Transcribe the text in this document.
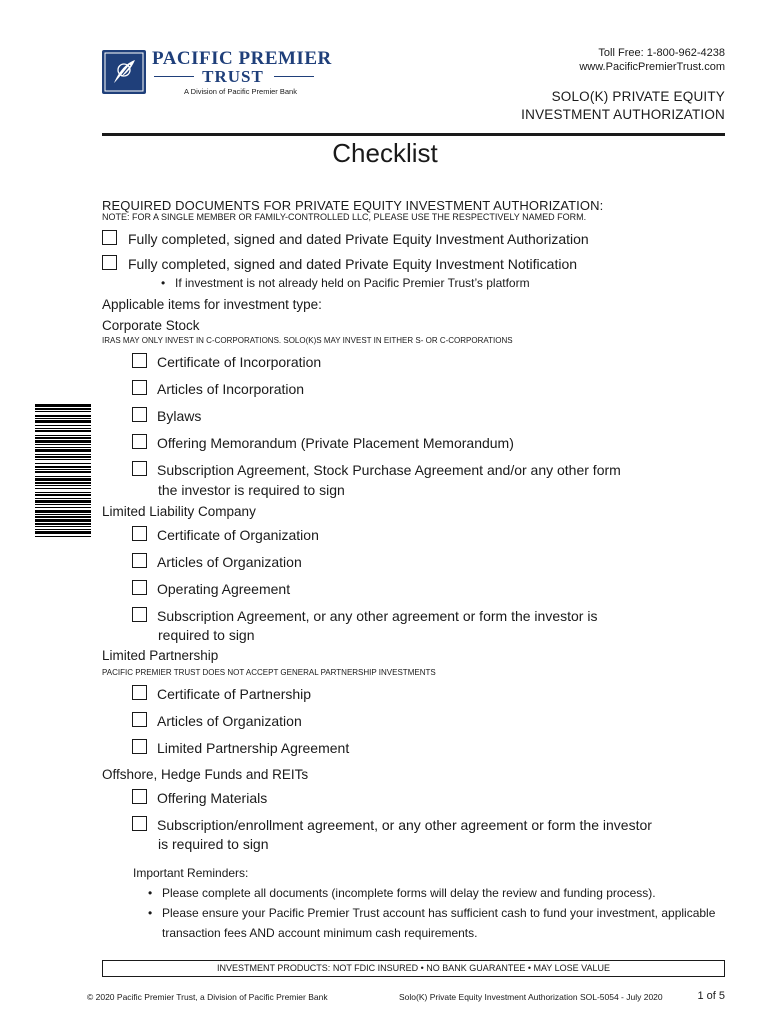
PACIFIC PREMIER
TRUST
A Division of Pacific Premier Bank
Toll Free: 1-800-962-4238
www.PacificPremierTrust.com
SOLO(K) PRIVATE EQUITY
INVESTMENT AUTHORIZATION
Checklist
REQUIRED DOCUMENTS FOR PRIVATE EQUITY INVESTMENT AUTHORIZATION:
NOTE: FOR A SINGLE MEMBER OR FAMILY-CONTROLLED LLC, PLEASE USE THE RESPECTIVELY NAMED FORM.
Fully completed, signed and dated Private Equity Investment Authorization
Fully completed, signed and dated Private Equity Investment Notification
• If investment is not already held on Pacific Premier Trust’s platform
Applicable items for investment type:
Corporate Stock
IRAS MAY ONLY INVEST IN C-CORPORATIONS. SOLO(K)S MAY INVEST IN EITHER S- OR C-CORPORATIONS
Certificate of Incorporation
Articles of Incorporation
Bylaws
Offering Memorandum (Private Placement Memorandum)
Subscription Agreement, Stock Purchase Agreement and/or any other form
the investor is required to sign
Limited Liability Company
Certificate of Organization
Articles of Organization
Operating Agreement
Subscription Agreement, or any other agreement or form the investor is
required to sign
Limited Partnership
PACIFIC PREMIER TRUST DOES NOT ACCEPT GENERAL PARTNERSHIP INVESTMENTS
Certificate of Partnership
Articles of Organization
Limited Partnership Agreement
Offshore, Hedge Funds and REITs
Offering Materials
Subscription/enrollment agreement, or any other agreement or form the investor
is required to sign
Important Reminders:
• Please complete all documents (incomplete forms will delay the review and funding process).
• Please ensure your Pacific Premier Trust account has sufficient cash to fund your investment, applicable
transaction fees AND account minimum cash requirements.
INVESTMENT PRODUCTS: NOT FDIC INSURED • NO BANK GUARANTEE • MAY LOSE VALUE
© 2020 Pacific Premier Trust, a Division of Pacific Premier Bank	Solo(K) Private Equity Investment Authorization SOL-5054 - July 2020	1 of 5
